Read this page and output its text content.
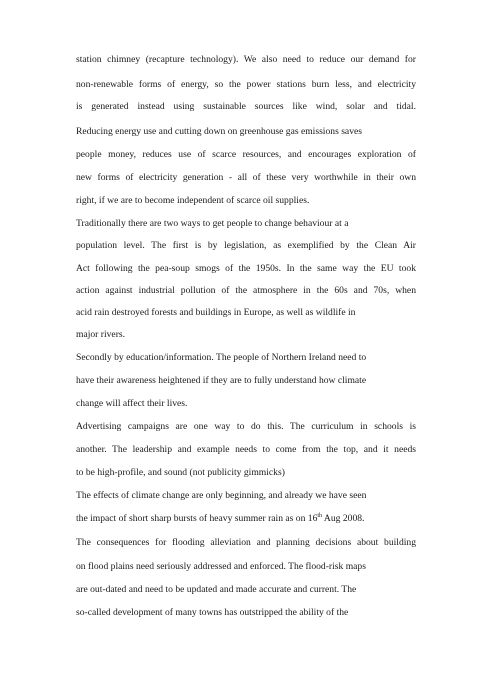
station chimney (recapture technology). We also need to reduce our demand for
non-renewable forms of energy, so the power stations burn less, and electricity
is generated instead using sustainable sources like wind, solar and tidal.
Reducing energy use and cutting down on greenhouse gas emissions saves
people money, reduces use of scarce resources, and encourages exploration of
new forms of electricity generation - all of these very worthwhile in their own
right, if we are to become independent of scarce oil supplies.
Traditionally there are two ways to get people to change behaviour at a
population level. The first is by legislation, as exemplified by the Clean Air
Act following the pea-soup smogs of the 1950s. In the same way the EU took
action against industrial pollution of the atmosphere in the 60s and 70s, when
acid rain destroyed forests and buildings in Europe, as well as wildlife in
major rivers.
Secondly by education/information. The people of Northern Ireland need to
have their awareness heightened if they are to fully understand how climate
change will affect their lives.
Advertising campaigns are one way to do this. The curriculum in schools is
another. The leadership and example needs to come from the top, and it needs
to be high-profile, and sound (not publicity gimmicks)
The effects of climate change are only beginning, and already we have seen
the impact of short sharp bursts of heavy summer rain as on 16th Aug 2008.
The consequences for flooding alleviation and planning decisions about building
on flood plains need seriously addressed and enforced. The flood-risk maps
are out-dated and need to be updated and made accurate and current. The
so-called development of many towns has outstripped the ability of the
